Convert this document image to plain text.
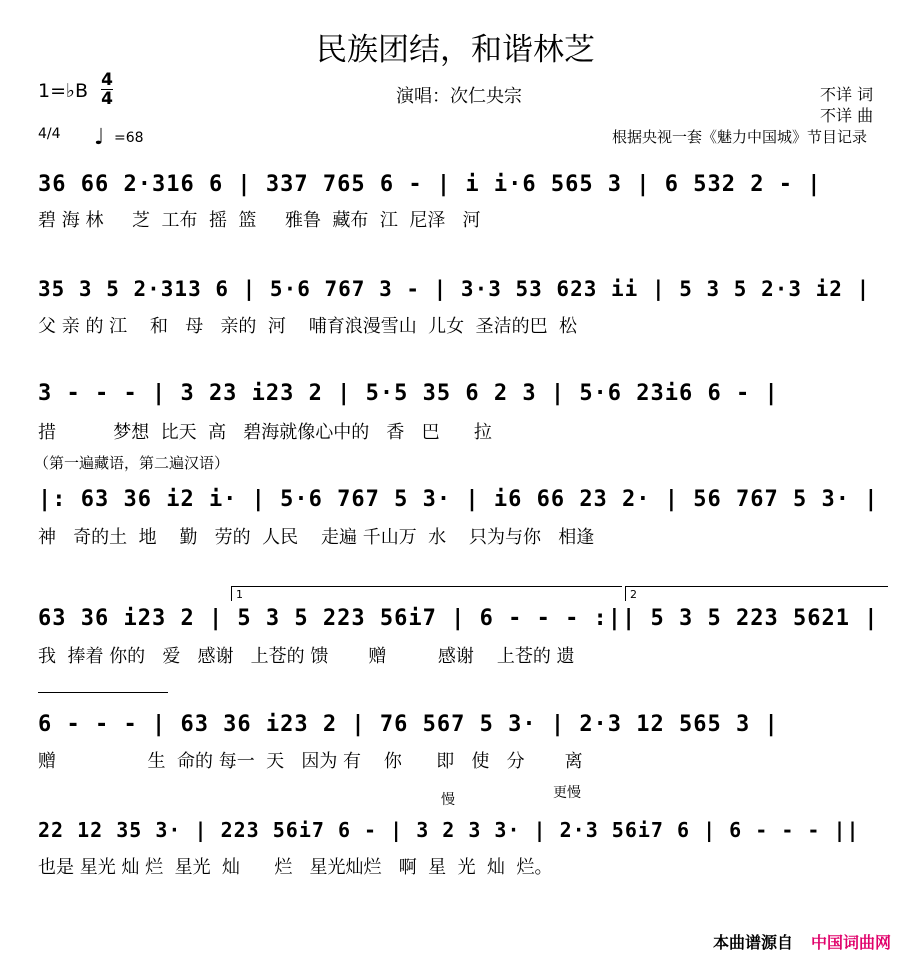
民族团结，和谐林芝
1=♭B 4
4	演唱：次仁央宗	不详 词
不详 曲
4/4 ♩ =68	根据央视一套《魅力中国城》节目记录
36 66 2·316 6 | 337 765 6 - | i i·6 565 3 | 6 532 2 - |
碧 海 林     芝  工布  摇  篮     雅鲁  藏布  江  尼泽   河
35 3 5 2·313 6 | 5·6 767 3 - | 3·3 53 623 ii | 5 3 5 2·3 i2 |
父 亲 的 江    和   母   亲的  河    哺育浪漫雪山  儿女  圣洁的巴  松
3 - - - | 3 23 i23 2 | 5·5 35 6 2 3 | 5·6 23i6 6 - |
措          梦想  比天  高   碧海就像心中的   香   巴      拉
（第一遍藏语，第二遍汉语）
|: 63 36 i2 i· | 5·6 767 5 3· | i6 66 23 2· | 56 767 5 3· |
神   奇的土  地    勤   劳的  人民    走遍 千山万  水    只为与你   相逢
1	2
63 36 i23 2 | 5 3 5 223 56i7 | 6 - - - :|| 5 3 5 223 5621 |
我  捧着 你的   爱   感谢   上苍的 馈       赠         感谢    上苍的 遗
6 - - - | 63 36 i23 2 | 76 567 5 3· | 2·3 12 565 3 |
赠                生  命的 每一  天   因为 有    你      即   使   分       离
慢	更慢
22 12 35 3· | 223 56i7 6 - | 3 2 3 3· | 2·3 56i7 6 | 6 - - - ||
也是 星光 灿 烂  星光  灿      烂   星光灿烂   啊  星  光  灿  烂。
本曲谱源自 中国词曲网
